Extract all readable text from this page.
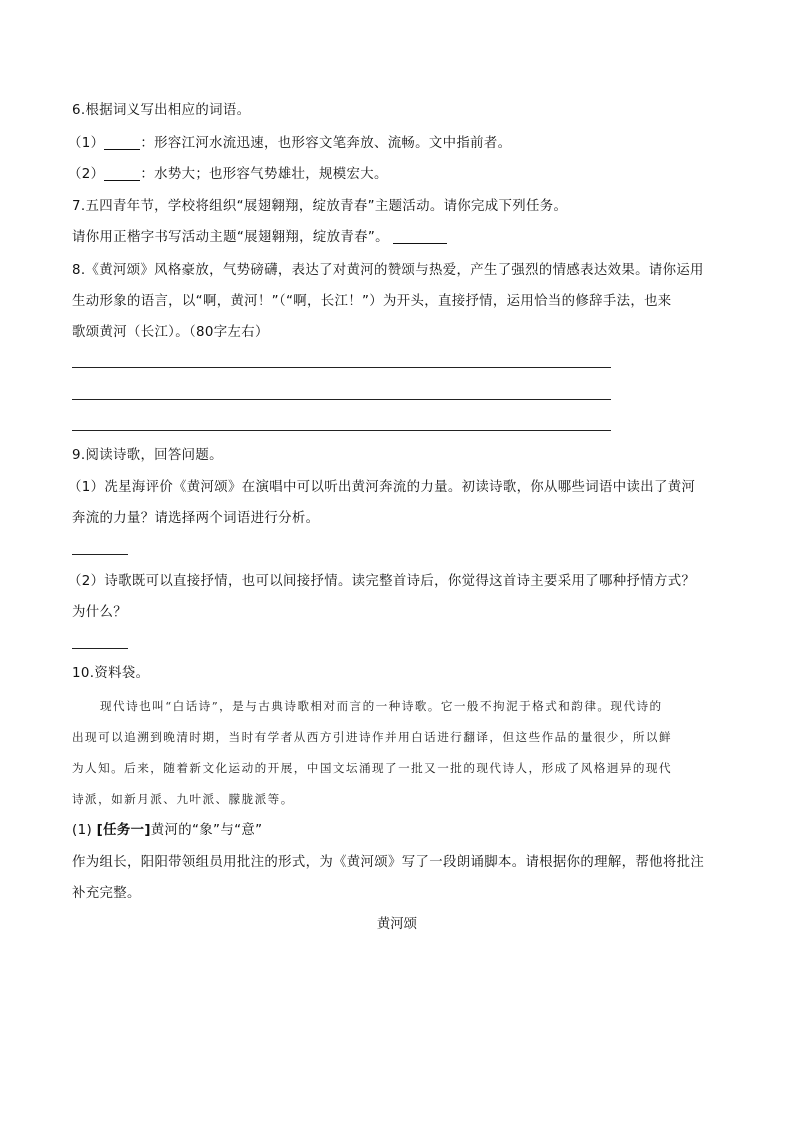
6.根据词义写出相应的词语。
（1）	：形容江河水流迅速，也形容文笔奔放、流畅。文中指前者。
（2）	：水势大；也形容气势雄壮，规模宏大。
7.五四青年节，学校将组织“展翅翱翔，绽放青春”主题活动。请你完成下列任务。
请你用正楷字书写活动主题“展翅翱翔，绽放青春”。
8.《黄河颂》风格豪放，气势磅礴，表达了对黄河的赞颂与热爱，产生了强烈的情感表达效果。请你运用
生动形象的语言，以“啊，黄河！”（“啊，长江！”）为开头，直接抒情，运用恰当的修辞手法，也来
歌颂黄河（长江）。（80字左右）
9.阅读诗歌，回答问题。
（1）冼星海评价《黄河颂》在演唱中可以听出黄河奔流的力量。初读诗歌，你从哪些词语中读出了黄河
奔流的力量？请选择两个词语进行分析。
（2）诗歌既可以直接抒情，也可以间接抒情。读完整首诗后，你觉得这首诗主要采用了哪种抒情方式？
为什么？
10.资料袋。
现代诗也叫“白话诗”，是与古典诗歌相对而言的一种诗歌。它一般不拘泥于格式和韵律。现代诗的
出现可以追溯到晚清时期，当时有学者从西方引进诗作并用白话进行翻译，但这些作品的量很少，所以鲜
为人知。后来，随着新文化运动的开展，中国文坛涌现了一批又一批的现代诗人，形成了风格迥异的现代
诗派，如新月派、九叶派、朦胧派等。
(1) [任务一]黄河的“象”与“意”
作为组长，阳阳带领组员用批注的形式，为《黄河颂》写了一段朗诵脚本。请根据你的理解，帮他将批注
补充完整。
黄河颂
